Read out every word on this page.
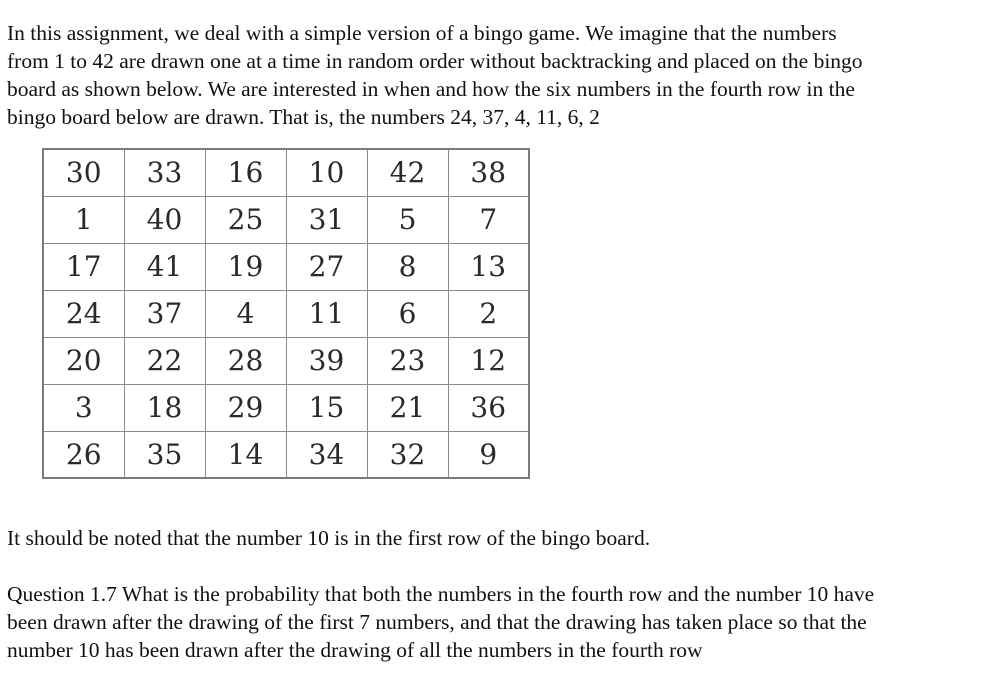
In this assignment, we deal with a simple version of a bingo game. We imagine that the numbers
from 1 to 42 are drawn one at a time in random order without backtracking and placed on the bingo
board as shown below. We are interested in when and how the six numbers in the fourth row in the
bingo board below are drawn. That is, the numbers 24, 37, 4, 11, 6, 2

30	33	16	10	42	38
1	40	25	31	5	7
17	41	19	27	8	13
24	37	4	11	6	2
20	22	28	39	23	12
3	18	29	15	21	36
26	35	14	34	32	9

It should be noted that the number 10 is in the first row of the bingo board.

Question 1.7 What is the probability that both the numbers in the fourth row and the number 10 have
been drawn after the drawing of the first 7 numbers, and that the drawing has taken place so that the
number 10 has been drawn after the drawing of all the numbers in the fourth row
